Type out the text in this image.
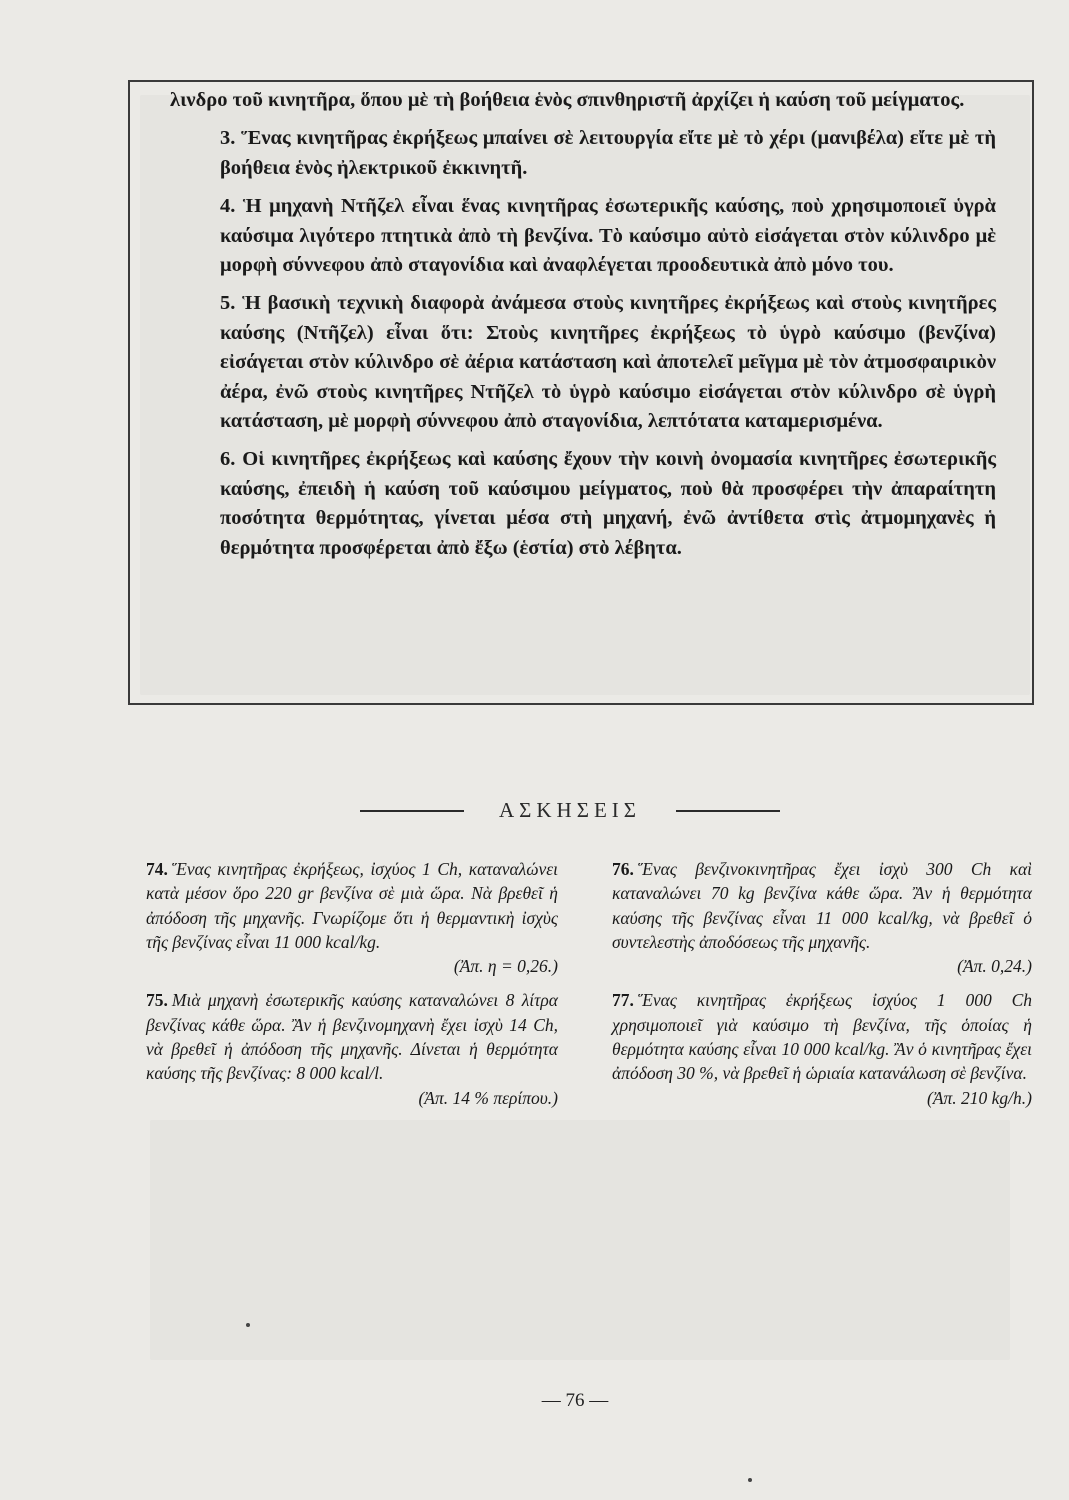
λινδρο τοῦ κινητῆρα, ὅπου μὲ τὴ βοήθεια ἑνὸς σπινθηριστῆ ἀρχίζει ἡ καύση τοῦ μείγματος.

3. Ἕνας κινητῆρας ἐκρήξεως μπαίνει σὲ λειτουργία εἴτε μὲ τὸ χέρι (μανιβέλα) εἴτε μὲ τὴ βοήθεια ἑνὸς ἠλεκτρικοῦ ἐκκινητῆ.

4. Ἡ μηχανὴ Ντῆζελ εἶναι ἕνας κινητῆρας ἐσωτερικῆς καύσης, ποὺ χρησιμοποιεῖ ὑγρὰ καύσιμα λιγότερο πτητικὰ ἀπὸ τὴ βενζίνα. Τὸ καύσιμο αὐτὸ εἰσάγεται στὸν κύλινδρο μὲ μορφὴ σύννεφου ἀπὸ σταγονίδια καὶ ἀναφλέγεται προοδευτικὰ ἀπὸ μόνο του.

5. Ἡ βασικὴ τεχνικὴ διαφορὰ ἀνάμεσα στοὺς κινητῆρες ἐκρήξεως καὶ στοὺς κινητῆρες καύσης (Ντῆζελ) εἶναι ὅτι: Στοὺς κινητῆρες ἐκρήξεως τὸ ὑγρὸ καύσιμο (βενζίνα) εἰσάγεται στὸν κύλινδρο σὲ ἀέρια κατάσταση καὶ ἀποτελεῖ μεῖγμα μὲ τὸν ἀτμοσφαιρικὸν ἀέρα, ἐνῶ στοὺς κινητῆρες Ντῆζελ τὸ ὑγρὸ καύσιμο εἰσάγεται στὸν κύλινδρο σὲ ὑγρὴ κατάσταση, μὲ μορφὴ σύννεφου ἀπὸ σταγονίδια, λεπτότατα καταμερισμένα.

6. Οἱ κινητῆρες ἐκρήξεως καὶ καύσης ἔχουν τὴν κοινὴ ὀνομασία κινητῆρες ἐσωτερικῆς καύσης, ἐπειδὴ ἡ καύση τοῦ καύσιμου μείγματος, ποὺ θὰ προσφέρει τὴν ἀπαραίτητη ποσότητα θερμότητας, γίνεται μέσα στὴ μηχανή, ἐνῶ ἀντίθετα στὶς ἀτμομηχανὲς ἡ θερμότητα προσφέρεται ἀπὸ ἔξω (ἑστία) στὸ λέβητα.

ΑΣΚΗΣΕΙΣ
74. Ἕνας κινητῆρας ἐκρήξεως, ἰσχύος 1 Ch, καταναλώνει κατὰ μέσον ὅρο 220 gr βενζίνα σὲ μιὰ ὥρα. Νὰ βρεθεῖ ἡ ἀπόδοση τῆς μηχανῆς. Γνωρίζομε ὅτι ἡ θερμαντικὴ ἰσχὺς τῆς βενζίνας εἶναι 11 000 kcal/kg.
(Ἀπ. η = 0,26.)
75. Μιὰ μηχανὴ ἐσωτερικῆς καύσης καταναλώνει 8 λίτρα βενζίνας κάθε ὥρα. Ἂν ἡ βενζινομηχανὴ ἔχει ἰσχὺ 14 Ch, νὰ βρεθεῖ ἡ ἀπόδοση τῆς μηχανῆς. Δίνεται ἡ θερμότητα καύσης τῆς βενζίνας: 8 000 kcal/l.
(Ἀπ. 14 % περίπου.)
76. Ἕνας βενζινοκινητῆρας ἔχει ἰσχὺ 300 Ch καὶ καταναλώνει 70 kg βενζίνα κάθε ὥρα. Ἂν ἡ θερμότητα καύσης τῆς βενζίνας εἶναι 11 000 kcal/kg, νὰ βρεθεῖ ὁ συντελεστὴς ἀποδόσεως τῆς μηχανῆς.
(Ἀπ. 0,24.)
77. Ἕνας κινητῆρας ἐκρήξεως ἰσχύος 1 000 Ch χρησιμοποιεῖ γιὰ καύσιμο τὴ βενζίνα, τῆς ὁποίας ἡ θερμότητα καύσης εἶναι 10 000 kcal/kg. Ἂν ὁ κινητῆρας ἔχει ἀπόδοση 30 %, νὰ βρεθεῖ ἡ ὡριαία κατανάλωση σὲ βενζίνα.
(Ἀπ. 210 kg/h.)
— 76 —
